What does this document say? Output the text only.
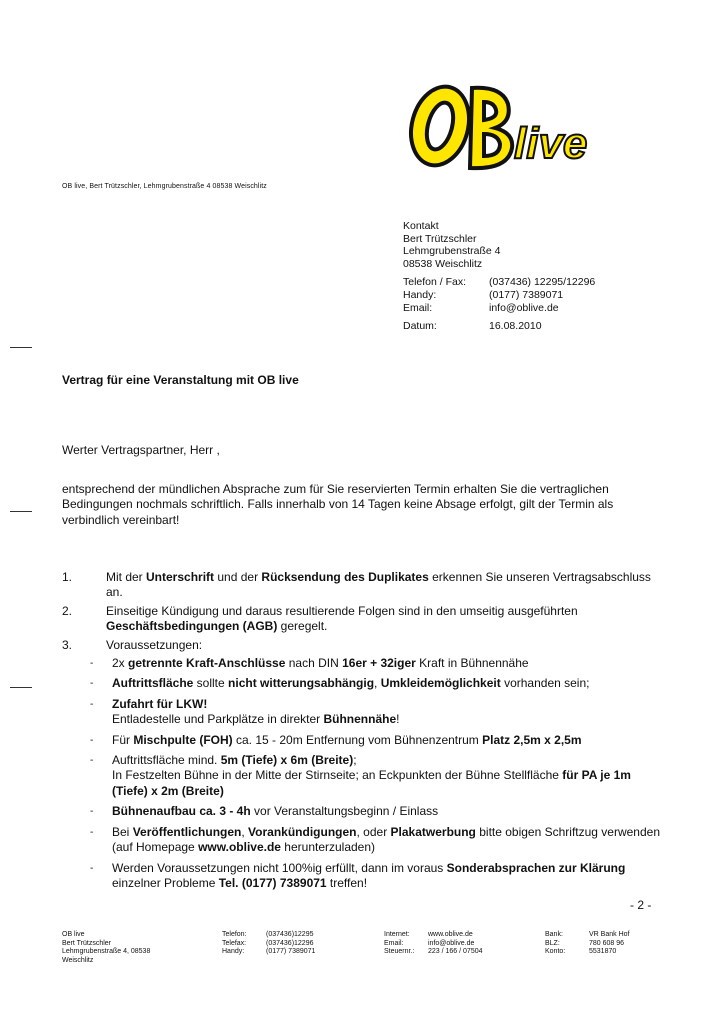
live
OB live, Bert Trützschler, Lehmgrubenstraße 4 08538 Weischlitz
Kontakt
Bert Trützschler
Lehmgrubenstraße 4
08538 Weischlitz
Telefon / Fax:	(037436) 12295/12296
Handy:	(0177) 7389071
Email:	info@oblive.de
Datum:	16.08.2010
Vertrag für eine Veranstaltung mit OB live
Werter Vertragspartner, Herr ,
entsprechend der mündlichen Absprache zum für Sie reservierten Termin erhalten Sie die vertraglichen Bedingungen nochmals schriftlich. Falls innerhalb von 14 Tagen keine Absage erfolgt, gilt der Termin als verbindlich vereinbart!
1.	Mit der Unterschrift und der Rücksendung des Duplikates erkennen Sie unseren Vertragsabschluss an.
2.	Einseitige Kündigung und daraus resultierende Folgen sind in den umseitig ausgeführten Geschäftsbedingungen (AGB) geregelt.
3.	Voraussetzungen:
-	2x getrennte Kraft-Anschlüsse nach DIN 16er + 32iger Kraft in Bühnennähe
-	Auftrittsfläche sollte nicht witterungsabhängig, Umkleidemöglichkeit vorhanden sein;
-	Zufahrt für LKW!
Entladestelle und Parkplätze in direkter Bühnennähe!
-	Für Mischpulte (FOH) ca. 15 - 20m Entfernung vom Bühnenzentrum Platz 2,5m x 2,5m
-	Auftrittsfläche mind. 5m (Tiefe) x 6m (Breite);
In Festzelten Bühne in der Mitte der Stirnseite; an Eckpunkten der Bühne Stellfläche für PA je 1m (Tiefe) x 2m (Breite)
-	Bühnenaufbau ca. 3 - 4h vor Veranstaltungsbeginn / Einlass
-	Bei Veröffentlichungen, Vorankündigungen, oder Plakatwerbung bitte obigen Schriftzug verwenden (auf Homepage www.oblive.de herunterzuladen)
-	Werden Voraussetzungen nicht 100%ig erfüllt, dann im voraus Sonderabsprachen zur Klärung einzelner Probleme Tel. (0177) 7389071 treffen!
- 2 -
OB live
Bert Trützschler
Lehmgrubenstraße 4, 08538
Weischlitz
Telefon:	(037436)12295
Telefax:	(037436)12296
Handy:	(0177) 7389071
Internet:	www.oblive.de
Email:	info@oblive.de
Steuernr.:	223 / 166 / 07504
Bank:	VR Bank Hof
BLZ:	780 608 96
Konto:	5531870
